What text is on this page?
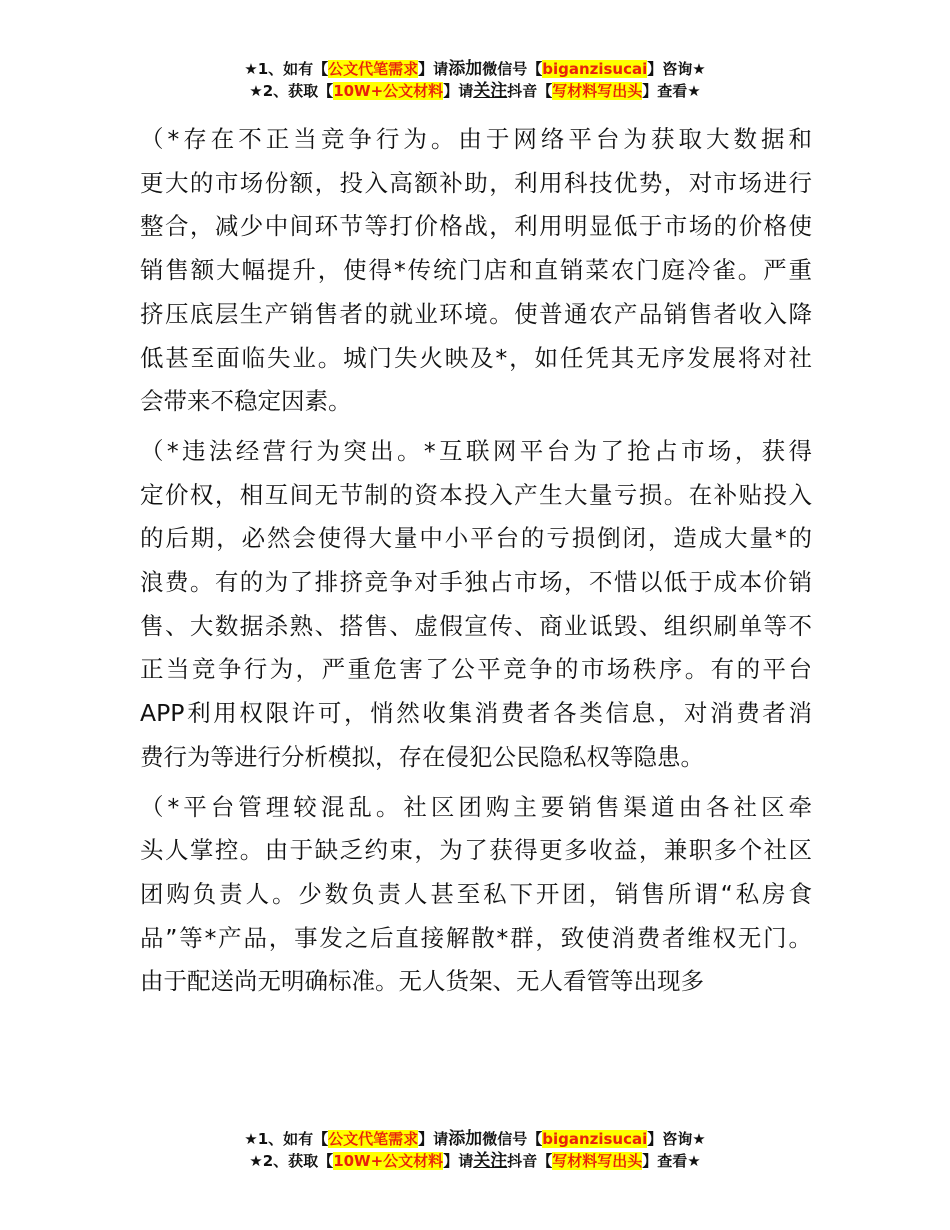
★1、如有【公文代笔需求】请添加微信号【biganzisucai】咨询★
★2、获取【10W+公文材料】请关注抖音【写材料写出头】查看★

（*存在不正当竞争行为。由于网络平台为获取大数据和
更大的市场份额，投入高额补助，利用科技优势，对市场进行
整合，减少中间环节等打价格战，利用明显低于市场的价格使
销售额大幅提升，使得*传统门店和直销菜农门庭冷雀。严重
挤压底层生产销售者的就业环境。使普通农产品销售者收入降
低甚至面临失业。城门失火映及*，如任凭其无序发展将对社
会带来不稳定因素。

（*违法经营行为突出。*互联网平台为了抢占市场，获得
定价权，相互间无节制的资本投入产生大量亏损。在补贴投入
的后期，必然会使得大量中小平台的亏损倒闭，造成大量*的
浪费。有的为了排挤竞争对手独占市场，不惜以低于成本价销
售、大数据杀熟、搭售、虚假宣传、商业诋毁、组织刷单等不
正当竞争行为，严重危害了公平竞争的市场秩序。有的平台
APP利用权限许可，悄然收集消费者各类信息，对消费者消
费行为等进行分析模拟，存在侵犯公民隐私权等隐患。

（*平台管理较混乱。社区团购主要销售渠道由各社区牵
头人掌控。由于缺乏约束，为了获得更多收益，兼职多个社区
团购负责人。少数负责人甚至私下开团，销售所谓“私房食
品”等*产品，事发之后直接解散*群，致使消费者维权无门。
由于配送尚无明确标准。无人货架、无人看管等出现多

★1、如有【公文代笔需求】请添加微信号【biganzisucai】咨询★
★2、获取【10W+公文材料】请关注抖音【写材料写出头】查看★
